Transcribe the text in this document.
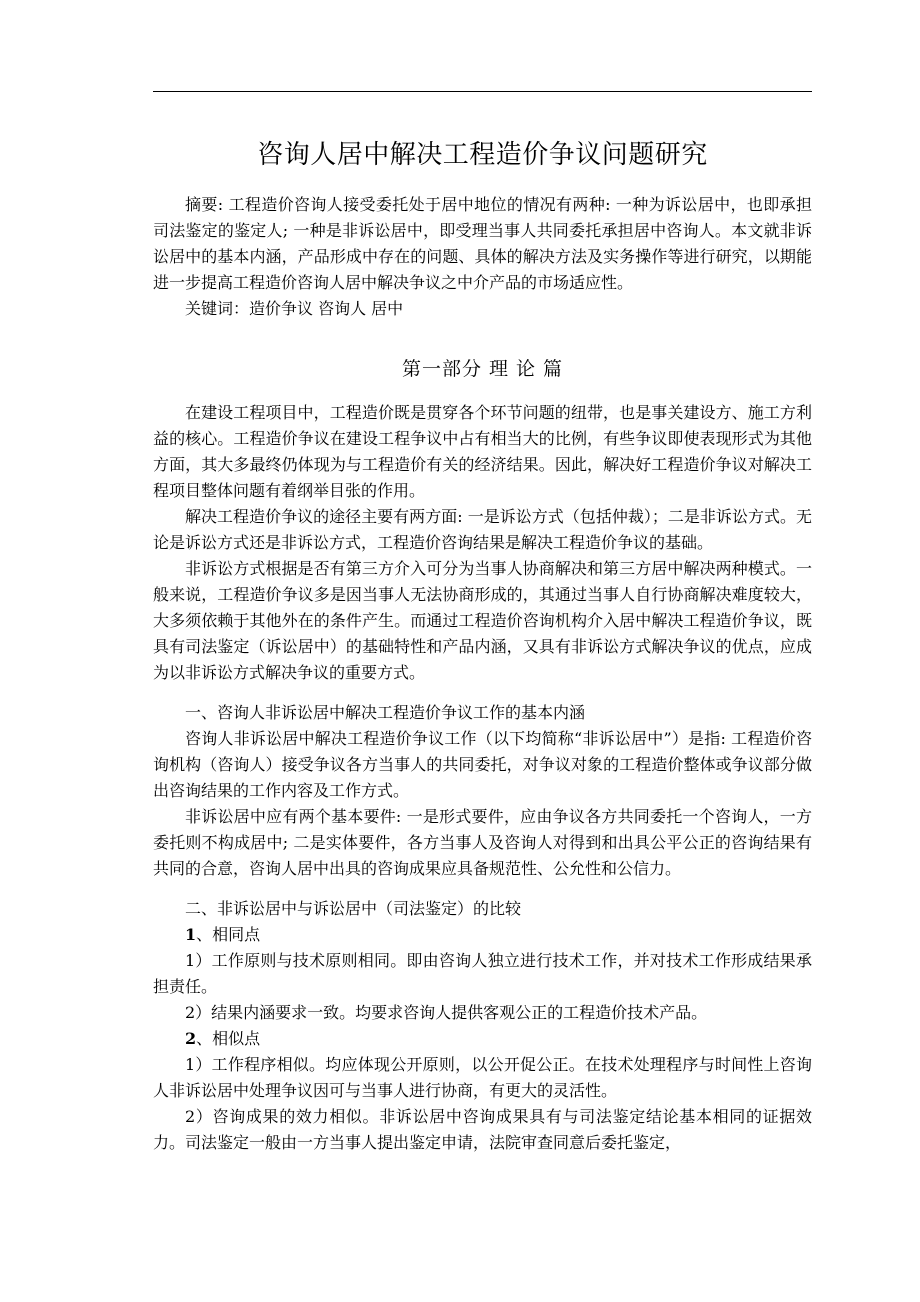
咨询人居中解决工程造价争议问题研究

摘要: 工程造价咨询人接受委托处于居中地位的情况有两种: 一种为诉讼居中，也即承担司法鉴定的鉴定人; 一种是非诉讼居中，即受理当事人共同委托承担居中咨询人。本文就非诉讼居中的基本内涵，产品形成中存在的问题、具体的解决方法及实务操作等进行研究，以期能进一步提高工程造价咨询人居中解决争议之中介产品的市场适应性。

关键词：造价争议 咨询人 居中

第一部分 理 论 篇

在建设工程项目中，工程造价既是贯穿各个环节问题的纽带，也是事关建设方、施工方利益的核心。工程造价争议在建设工程争议中占有相当大的比例，有些争议即使表现形式为其他方面，其大多最终仍体现为与工程造价有关的经济结果。因此，解决好工程造价争议对解决工程项目整体问题有着纲举目张的作用。

解决工程造价争议的途径主要有两方面: 一是诉讼方式（包括仲裁）；二是非诉讼方式。无论是诉讼方式还是非诉讼方式，工程造价咨询结果是解决工程造价争议的基础。

非诉讼方式根据是否有第三方介入可分为当事人协商解决和第三方居中解决两种模式。一般来说，工程造价争议多是因当事人无法协商形成的，其通过当事人自行协商解决难度较大，大多须依赖于其他外在的条件产生。而通过工程造价咨询机构介入居中解决工程造价争议，既具有司法鉴定（诉讼居中）的基础特性和产品内涵，又具有非诉讼方式解决争议的优点，应成为以非诉讼方式解决争议的重要方式。

一、咨询人非诉讼居中解决工程造价争议工作的基本内涵

咨询人非诉讼居中解决工程造价争议工作（以下均简称“非诉讼居中”）是指: 工程造价咨询机构（咨询人）接受争议各方当事人的共同委托，对争议对象的工程造价整体或争议部分做出咨询结果的工作内容及工作方式。

非诉讼居中应有两个基本要件: 一是形式要件，应由争议各方共同委托一个咨询人，一方委托则不构成居中; 二是实体要件，各方当事人及咨询人对得到和出具公平公正的咨询结果有共同的合意，咨询人居中出具的咨询成果应具备规范性、公允性和公信力。

二、非诉讼居中与诉讼居中（司法鉴定）的比较

1、相同点

1）工作原则与技术原则相同。即由咨询人独立进行技术工作，并对技术工作形成结果承担责任。

2）结果内涵要求一致。均要求咨询人提供客观公正的工程造价技术产品。

2、相似点

1）工作程序相似。均应体现公开原则，以公开促公正。在技术处理程序与时间性上咨询人非诉讼居中处理争议因可与当事人进行协商，有更大的灵活性。

2）咨询成果的效力相似。非诉讼居中咨询成果具有与司法鉴定结论基本相同的证据效力。司法鉴定一般由一方当事人提出鉴定申请，法院审查同意后委托鉴定，
